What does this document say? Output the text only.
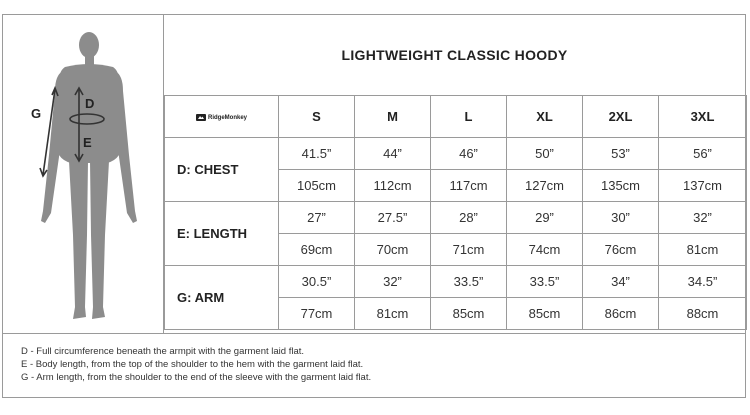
G
D
E
LIGHTWEIGHT CLASSIC HOODY
RidgeMonkey	S	M	L	XL	2XL	3XL
D: CHEST	41.5”	44”	46”	50”	53”	56”
	105cm	112cm	117cm	127cm	135cm	137cm
E: LENGTH	27”	27.5”	28”	29”	30”	32”
	69cm	70cm	71cm	74cm	76cm	81cm
G: ARM	30.5”	32”	33.5”	33.5”	34”	34.5”
	77cm	81cm	85cm	85cm	86cm	88cm
D - Full circumference beneath the armpit with the garment laid flat.
E - Body length, from the top of the shoulder to the hem with the garment laid flat.
G - Arm length, from the shoulder to the end of the sleeve with the garment laid flat.
